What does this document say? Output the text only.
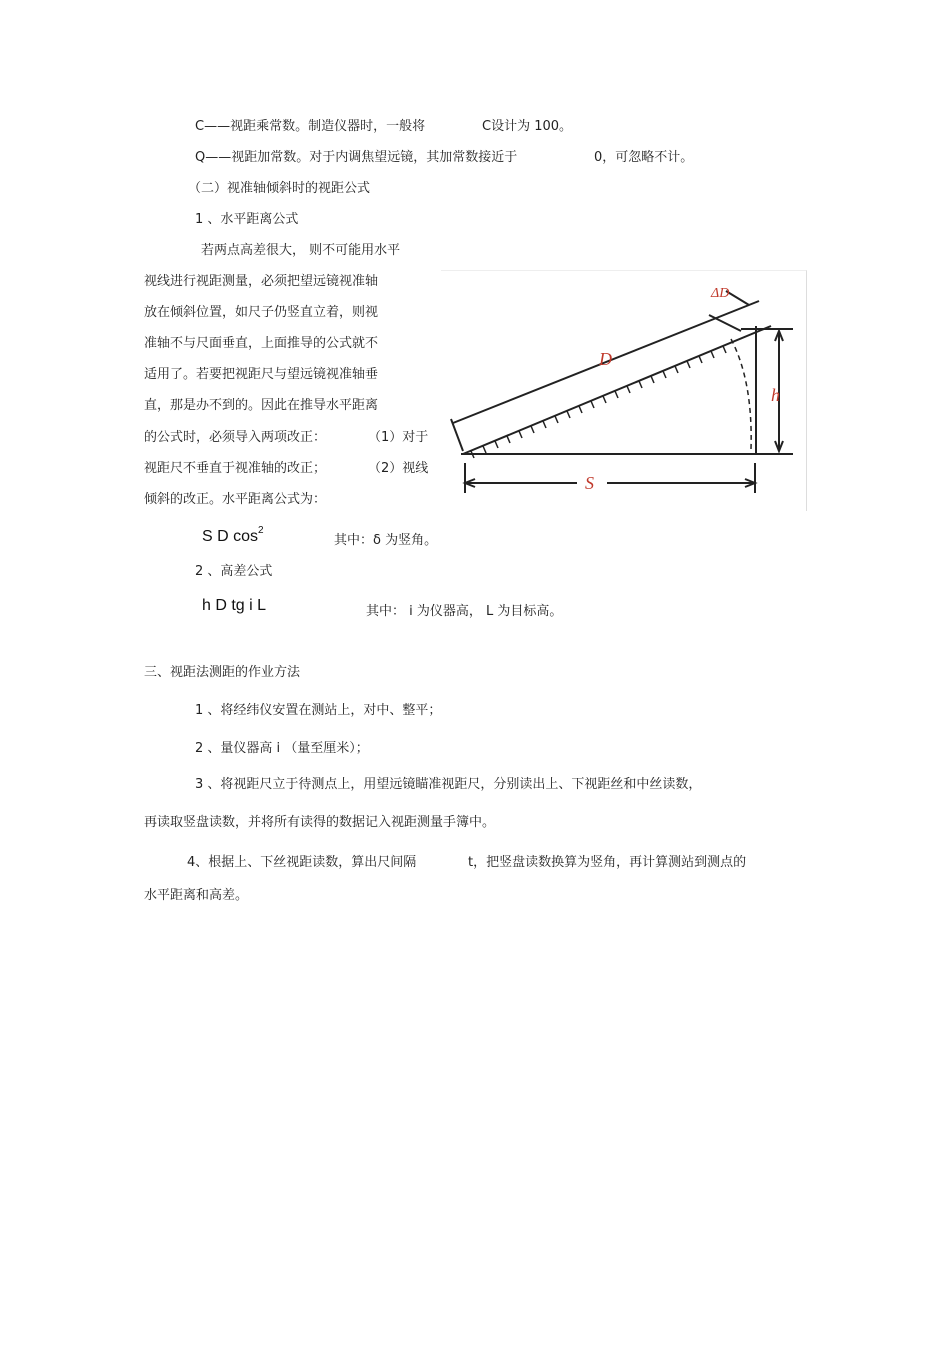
C——视距乘常数。制造仪器时，一般将	C设计为 100。
Q——视距加常数。对于内调焦望远镜，其加常数接近于	0，可忽略不计。
（二）视准轴倾斜时的视距公式
1 、水平距离公式
若两点高差很大， 则不可能用水平
视线进行视距测量，必须把望远镜视准轴
放在倾斜位置，如尺子仍竖直立着，则视
准轴不与尺面垂直，上面推导的公式就不
适用了。若要把视距尺与望远镜视准轴垂
直，那是办不到的。因此在推导水平距离
的公式时，必须导入两项改正：	（1）对于
视距尺不垂直于视准轴的改正；	（2）视线
倾斜的改正。水平距离公式为：
D
h
S
ΔD
S D $\cos^2$
其中：δ 为竖角。
2 、高差公式
h D tg i L	其中： i 为仪器高， L 为目标高。
三、视距法测距的作业方法
1 、将经纬仪安置在测站上，对中、整平；
2 、量仪器高 i （量至厘米）；
3 、将视距尺立于待测点上，用望远镜瞄准视距尺，分别读出上、下视距丝和中丝读数，
再读取竖盘读数，并将所有读得的数据记入视距测量手簿中。
4、根据上、下丝视距读数，算出尺间隔	t，把竖盘读数换算为竖角，再计算测站到测点的
水平距离和高差。
